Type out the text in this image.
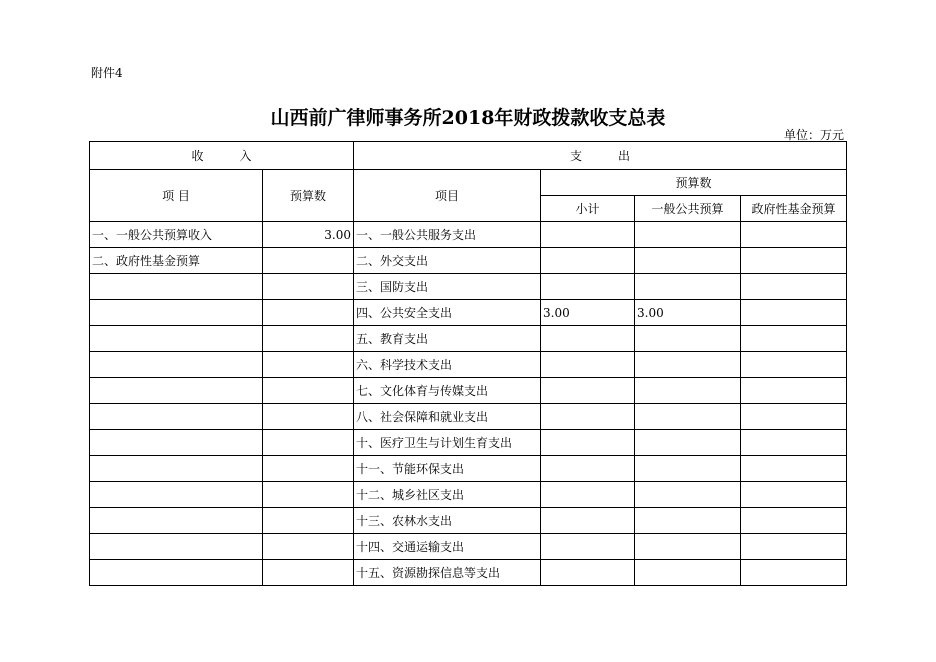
附件4
山西前广律师事务所2018年财政拨款收支总表
单位：万元
收　　　入		支　　　出			
项 目	预算数	项目	预算数		
			小计	一般公共预算	政府性基金预算
一、一般公共预算收入	3.00	一、一般公共服务支出			
二、政府性基金预算		二、外交支出			
		三、国防支出			
		四、公共安全支出	3.00	3.00	
		五、教育支出			
		六、科学技术支出			
		七、文化体育与传媒支出			
		八、社会保障和就业支出			
		十、医疗卫生与计划生育支出			
		十一、节能环保支出			
		十二、城乡社区支出			
		十三、农林水支出			
		十四、交通运输支出			
		十五、资源勘探信息等支出			
